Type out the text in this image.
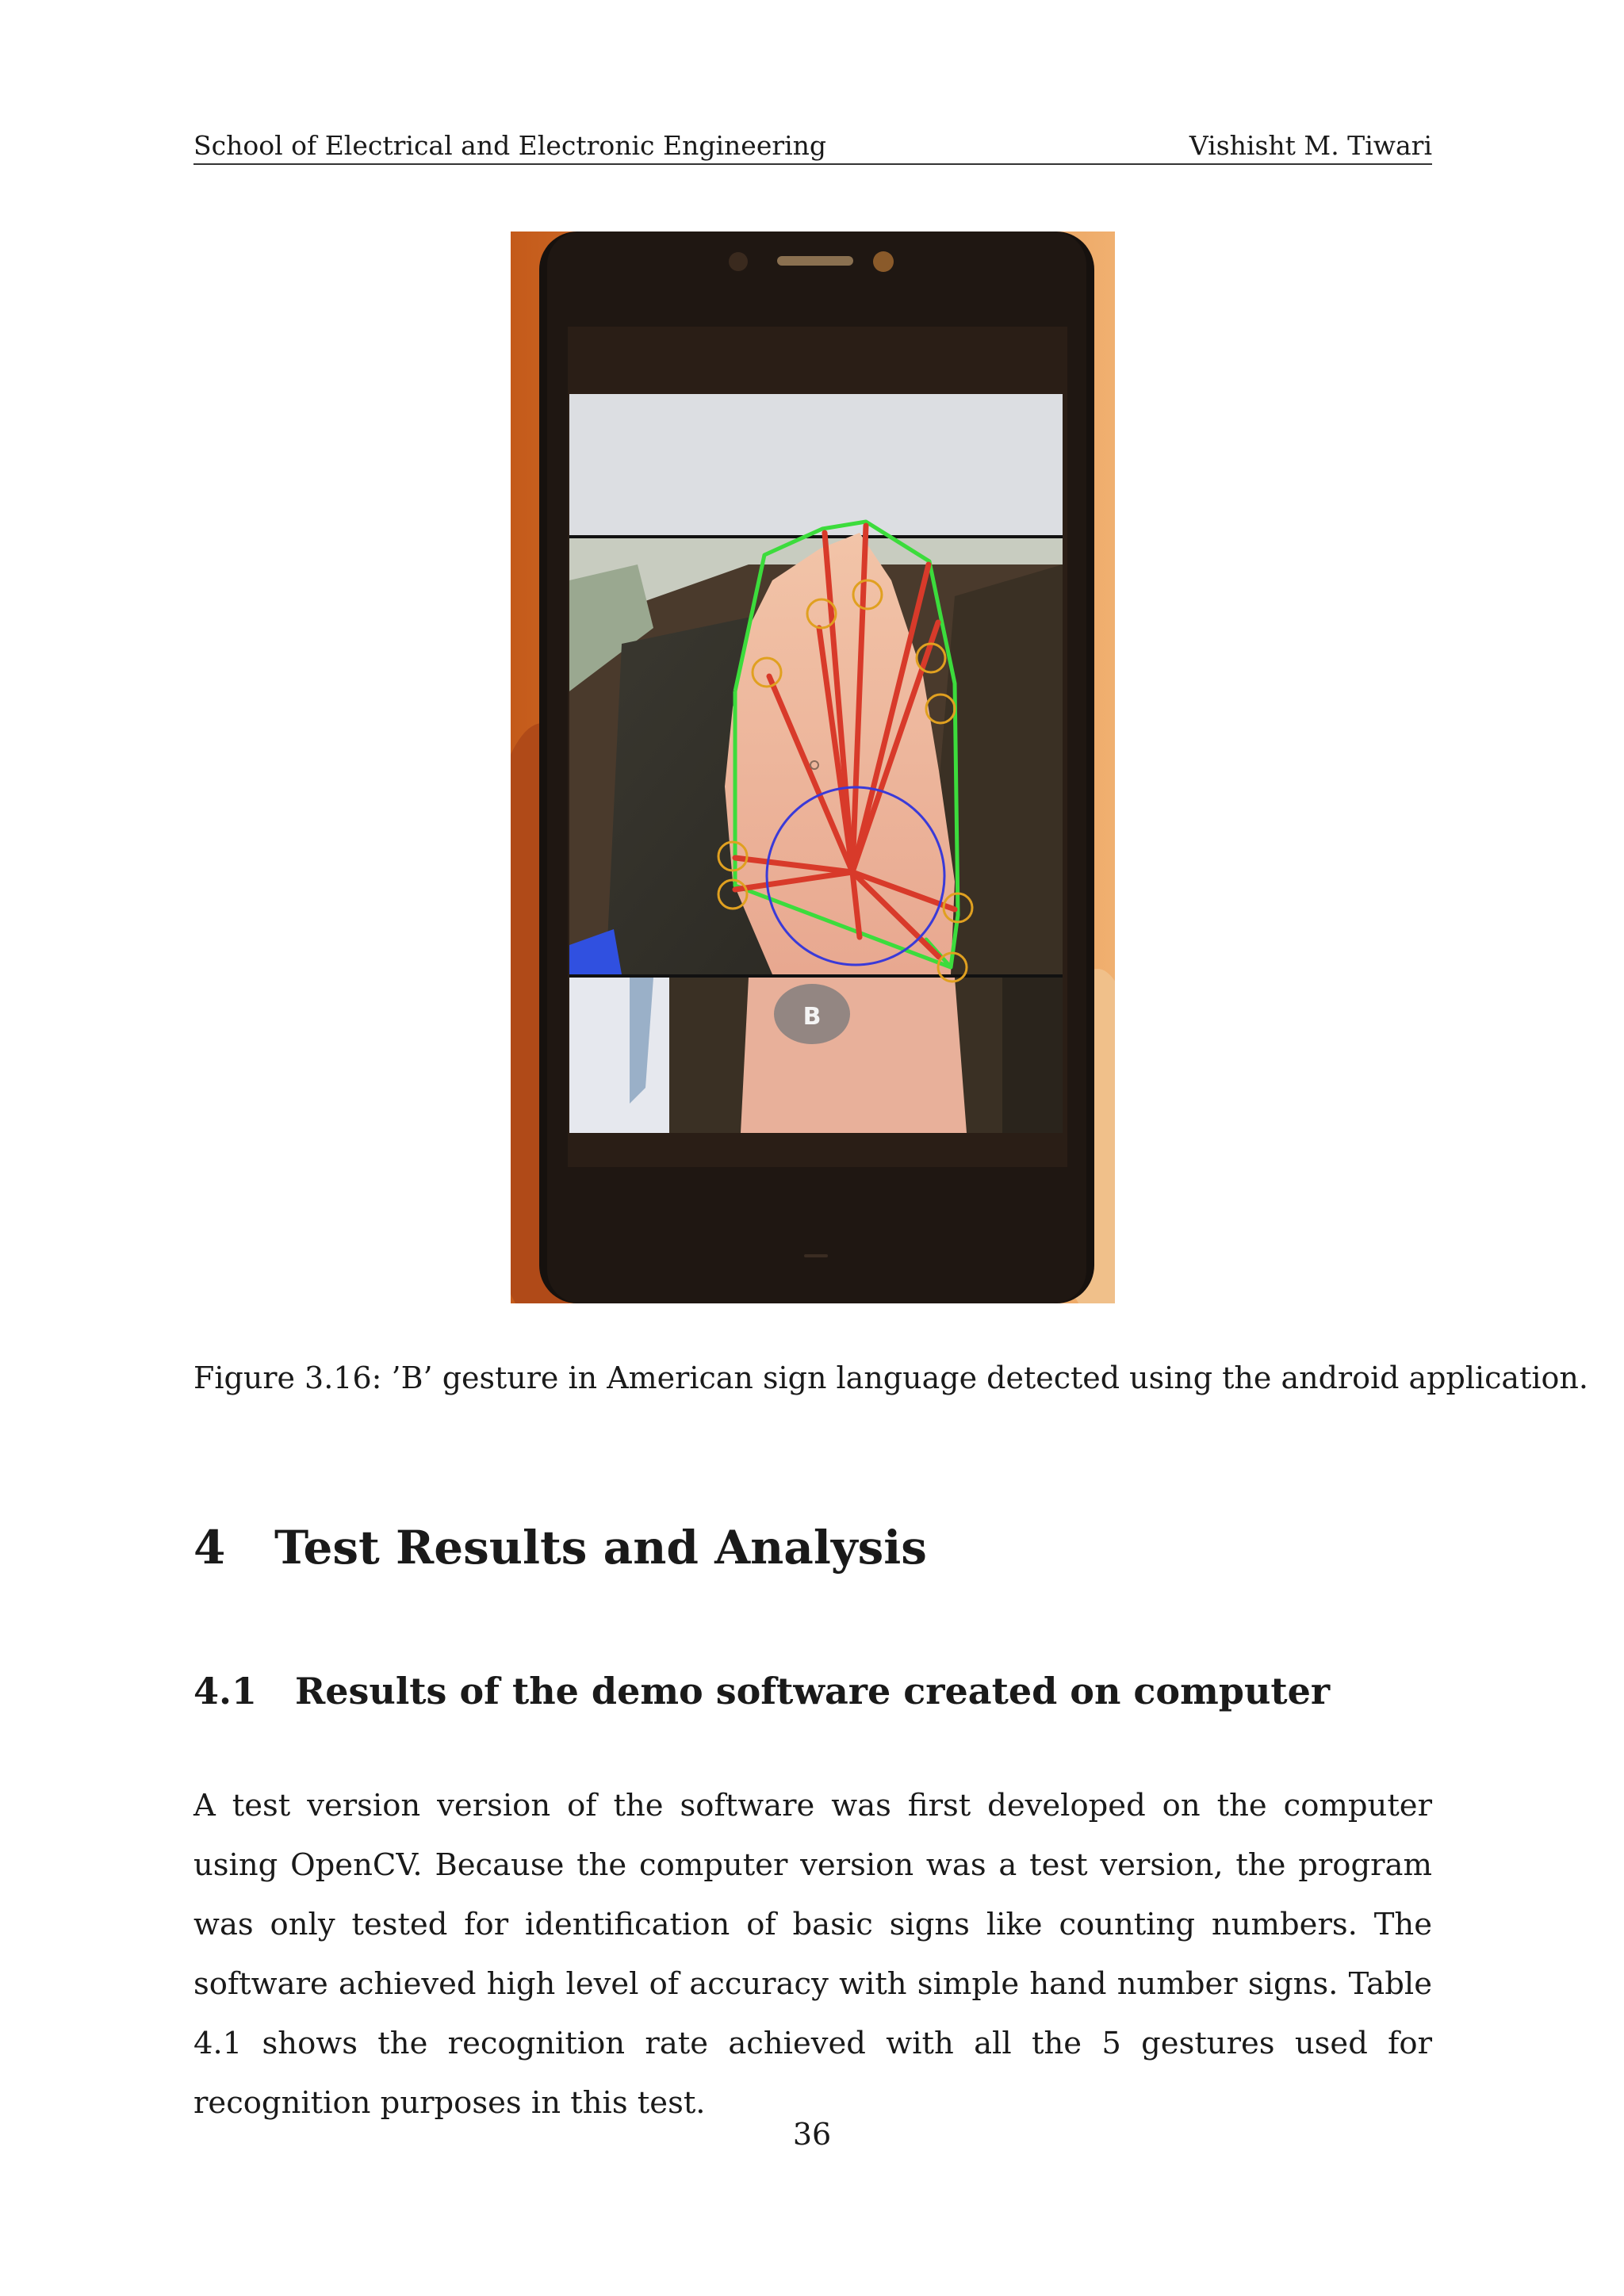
School of Electrical and Electronic Engineering	Vishisht M. Tiwari
B
Figure 3.16: ’B’ gesture in American sign language detected using the android application.
4 Test Results and Analysis
4.1 Results of the demo software created on computer
A test version version of the software was first developed on the computer using OpenCV. Because the computer version was a test version, the program was only tested for identification of basic signs like counting numbers. The software achieved high level of accuracy with simple hand number signs. Table 4.1 shows the recognition rate achieved with all the 5 gestures used for recognition purposes in this test.
36
